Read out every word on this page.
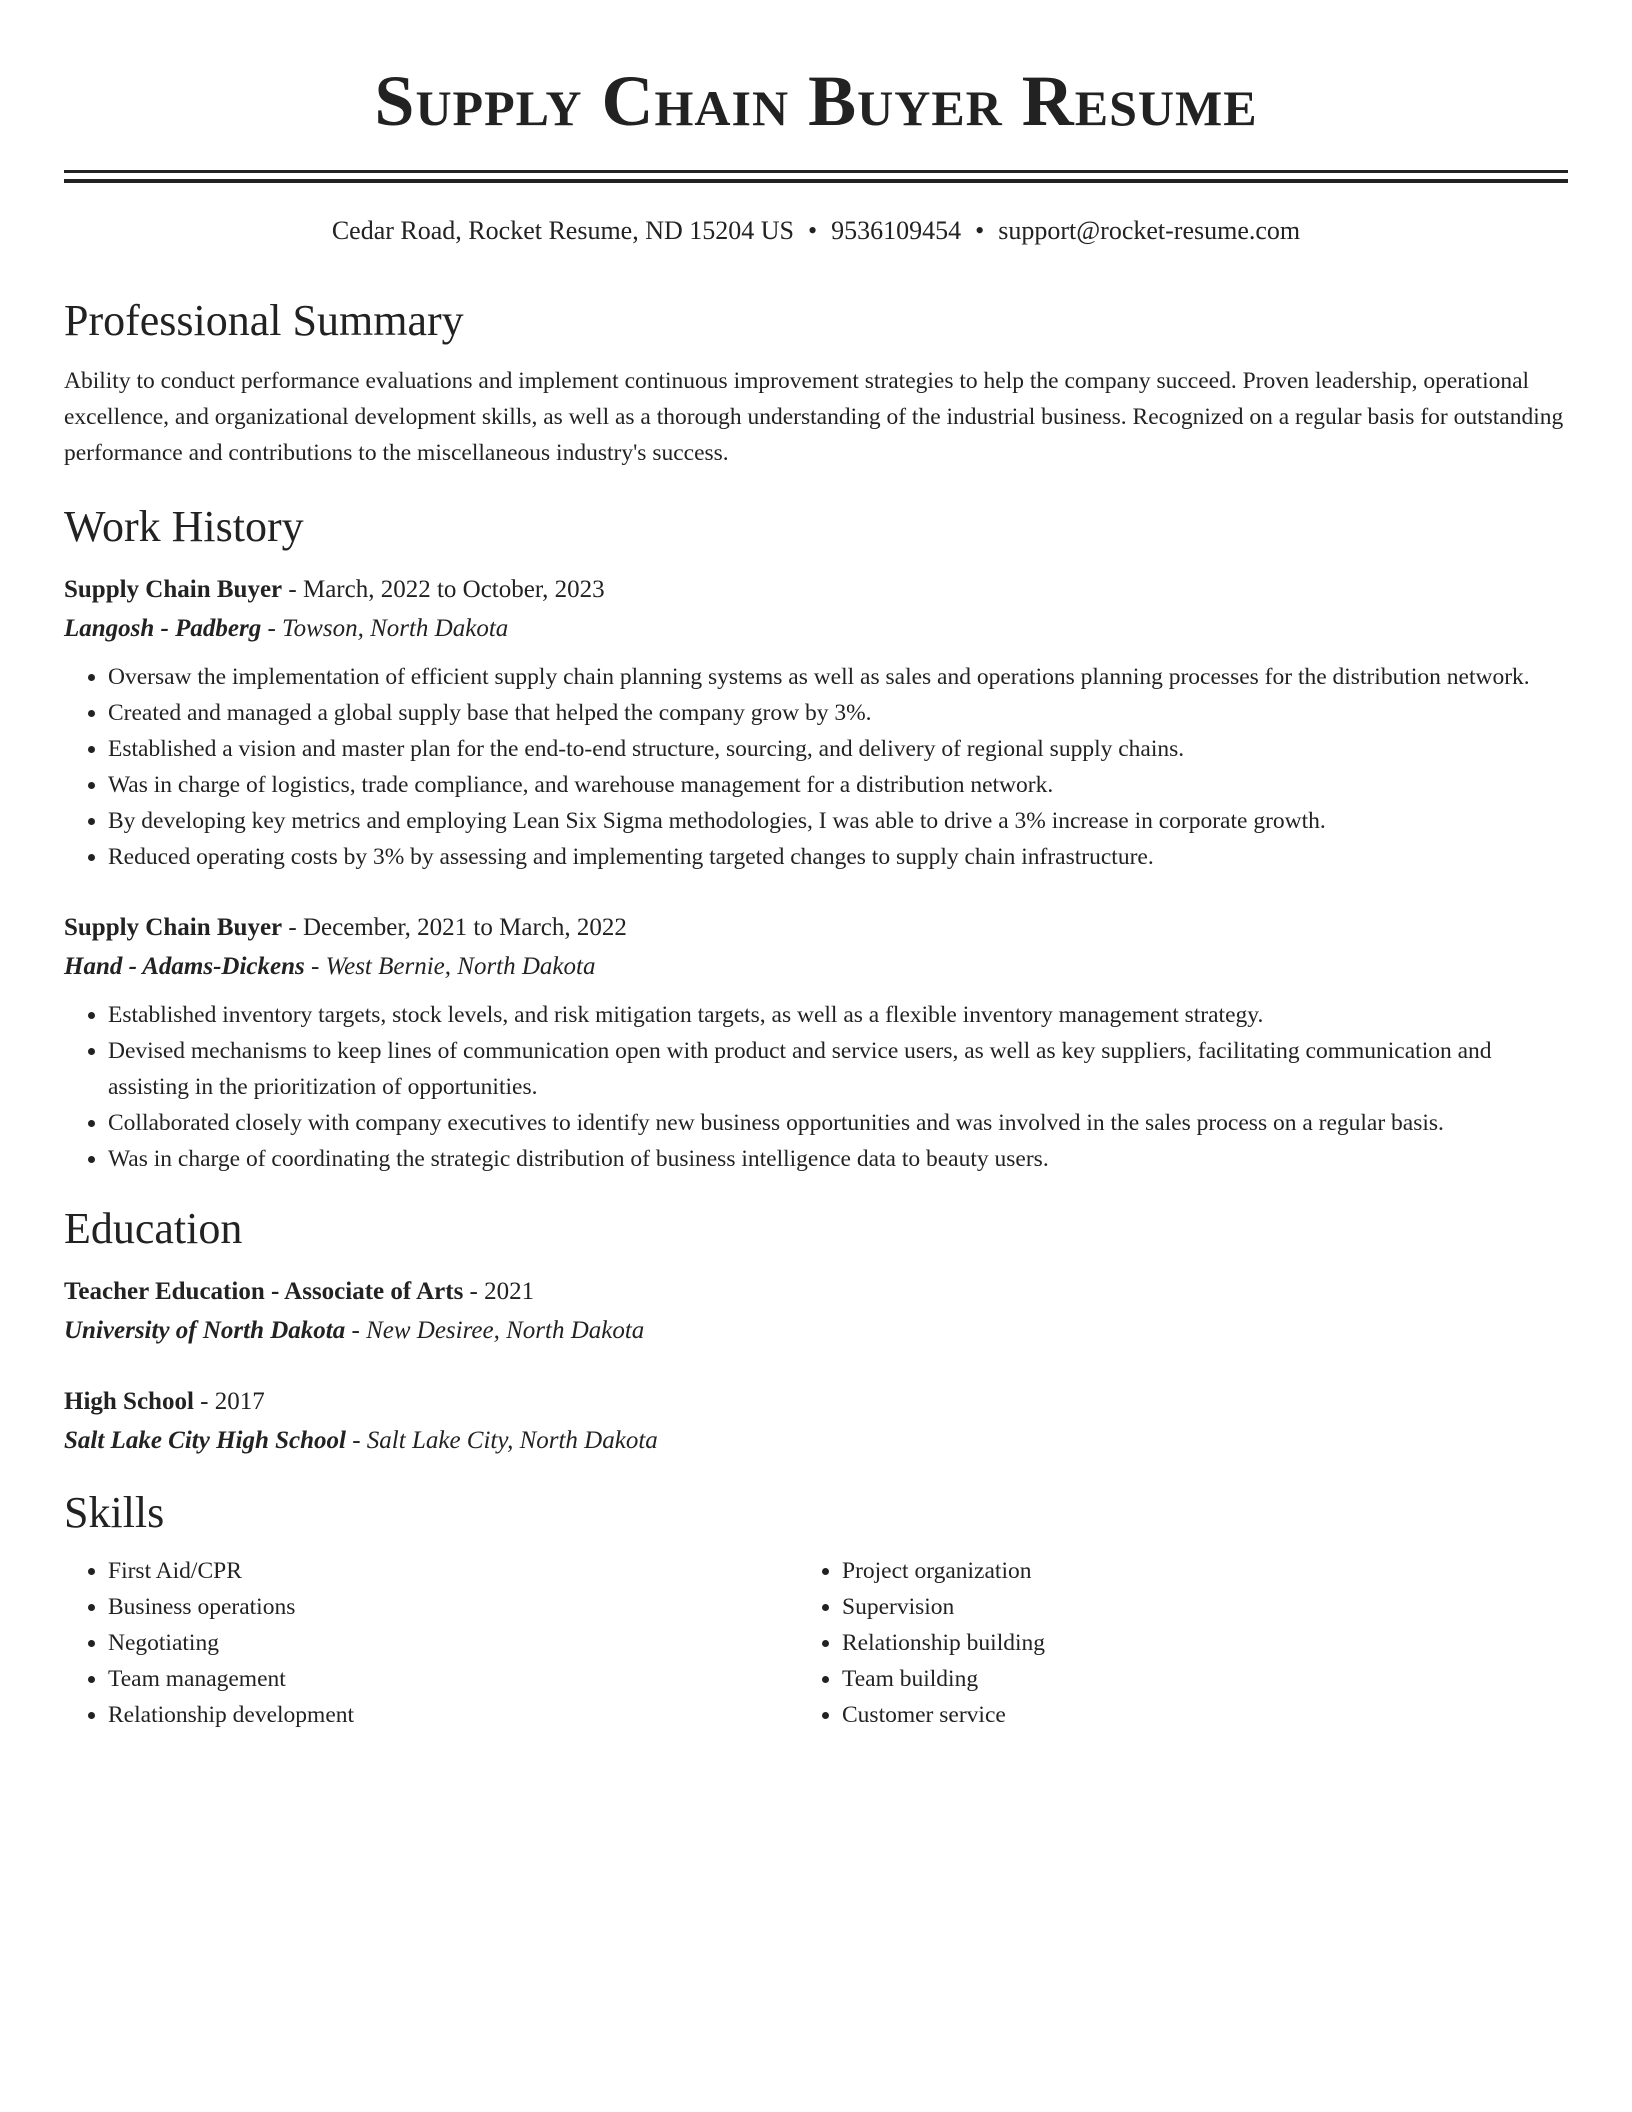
Supply Chain Buyer Resume
Cedar Road, Rocket Resume, ND 15204 US • 9536109454 • support@rocket-resume.com
Professional Summary

Ability to conduct performance evaluations and implement continuous improvement strategies to help the company succeed. Proven leadership, operational excellence, and organizational development skills, as well as a thorough understanding of the industrial business. Recognized on a regular basis for outstanding performance and contributions to the miscellaneous industry's success.

Work History
Supply Chain Buyer - March, 2022 to October, 2023
Langosh - Padberg - Towson, North Dakota
• Oversaw the implementation of efficient supply chain planning systems as well as sales and operations planning processes for the distribution network.
• Created and managed a global supply base that helped the company grow by 3%.
• Established a vision and master plan for the end-to-end structure, sourcing, and delivery of regional supply chains.
• Was in charge of logistics, trade compliance, and warehouse management for a distribution network.
• By developing key metrics and employing Lean Six Sigma methodologies, I was able to drive a 3% increase in corporate growth.
• Reduced operating costs by 3% by assessing and implementing targeted changes to supply chain infrastructure.
Supply Chain Buyer - December, 2021 to March, 2022
Hand - Adams-Dickens - West Bernie, North Dakota
• Established inventory targets, stock levels, and risk mitigation targets, as well as a flexible inventory management strategy.
• Devised mechanisms to keep lines of communication open with product and service users, as well as key suppliers, facilitating communication and assisting in the prioritization of opportunities.
• Collaborated closely with company executives to identify new business opportunities and was involved in the sales process on a regular basis.
• Was in charge of coordinating the strategic distribution of business intelligence data to beauty users.
Education
Teacher Education - Associate of Arts - 2021
University of North Dakota - New Desiree, North Dakota
High School - 2017
Salt Lake City High School - Salt Lake City, North Dakota
Skills
• First Aid/CPR
• Business operations
• Negotiating
• Team management
• Relationship development
• Project organization
• Supervision
• Relationship building
• Team building
• Customer service
